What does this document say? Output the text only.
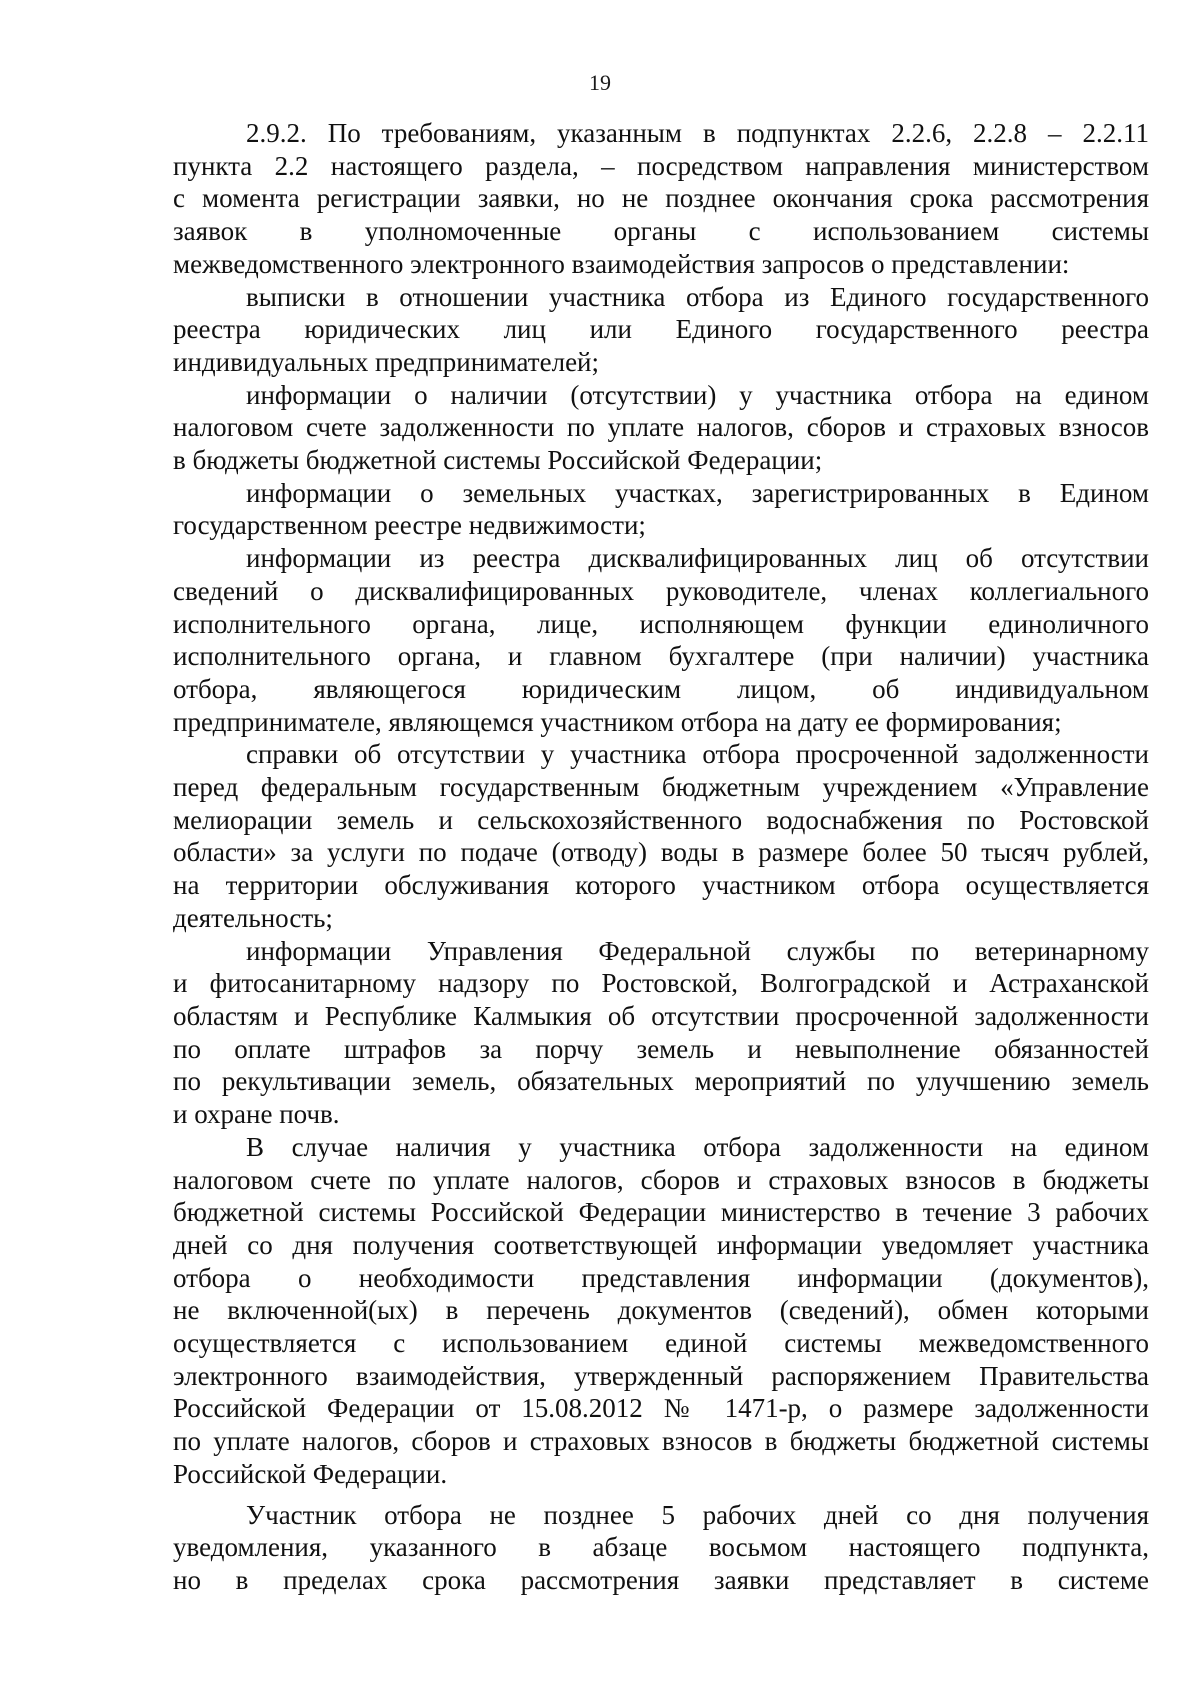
19
2.9.2. По требованиям, указанным в подпунктах 2.2.6, 2.2.8 – 2.2.11
пункта 2.2 настоящего раздела, – посредством направления министерством
с момента регистрации заявки, но не позднее окончания срока рассмотрения
заявок в уполномоченные органы с использованием системы
межведомственного электронного взаимодействия запросов о представлении:
выписки в отношении участника отбора из Единого государственного
реестра юридических лиц или Единого государственного реестра
индивидуальных предпринимателей;
информации о наличии (отсутствии) у участника отбора на едином
налоговом счете задолженности по уплате налогов, сборов и страховых взносов
в бюджеты бюджетной системы Российской Федерации;
информации о земельных участках, зарегистрированных в Едином
государственном реестре недвижимости;
информации из реестра дисквалифицированных лиц об отсутствии
сведений о дисквалифицированных руководителе, членах коллегиального
исполнительного органа, лице, исполняющем функции единоличного
исполнительного органа, и главном бухгалтере (при наличии) участника
отбора, являющегося юридическим лицом, об индивидуальном
предпринимателе, являющемся участником отбора на дату ее формирования;
справки об отсутствии у участника отбора просроченной задолженности
перед федеральным государственным бюджетным учреждением «Управление
мелиорации земель и сельскохозяйственного водоснабжения по Ростовской
области» за услуги по подаче (отводу) воды в размере более 50 тысяч рублей,
на территории обслуживания которого участником отбора осуществляется
деятельность;
информации Управления Федеральной службы по ветеринарному
и фитосанитарному надзору по Ростовской, Волгоградской и Астраханской
областям и Республике Калмыкия об отсутствии просроченной задолженности
по оплате штрафов за порчу земель и невыполнение обязанностей
по рекультивации земель, обязательных мероприятий по улучшению земель
и охране почв.
В случае наличия у участника отбора задолженности на едином
налоговом счете по уплате налогов, сборов и страховых взносов в бюджеты
бюджетной системы Российской Федерации министерство в течение 3 рабочих
дней со дня получения соответствующей информации уведомляет участника
отбора о необходимости представления информации (документов),
не включенной(ых) в перечень документов (сведений), обмен которыми
осуществляется с использованием единой системы межведомственного
электронного взаимодействия, утвержденный распоряжением Правительства
Российской Федерации от 15.08.2012 № 1471-р, о размере задолженности
по уплате налогов, сборов и страховых взносов в бюджеты бюджетной системы
Российской Федерации.
Участник отбора не позднее 5 рабочих дней со дня получения
уведомления, указанного в абзаце восьмом настоящего подпункта,
но в пределах срока рассмотрения заявки представляет в системе
